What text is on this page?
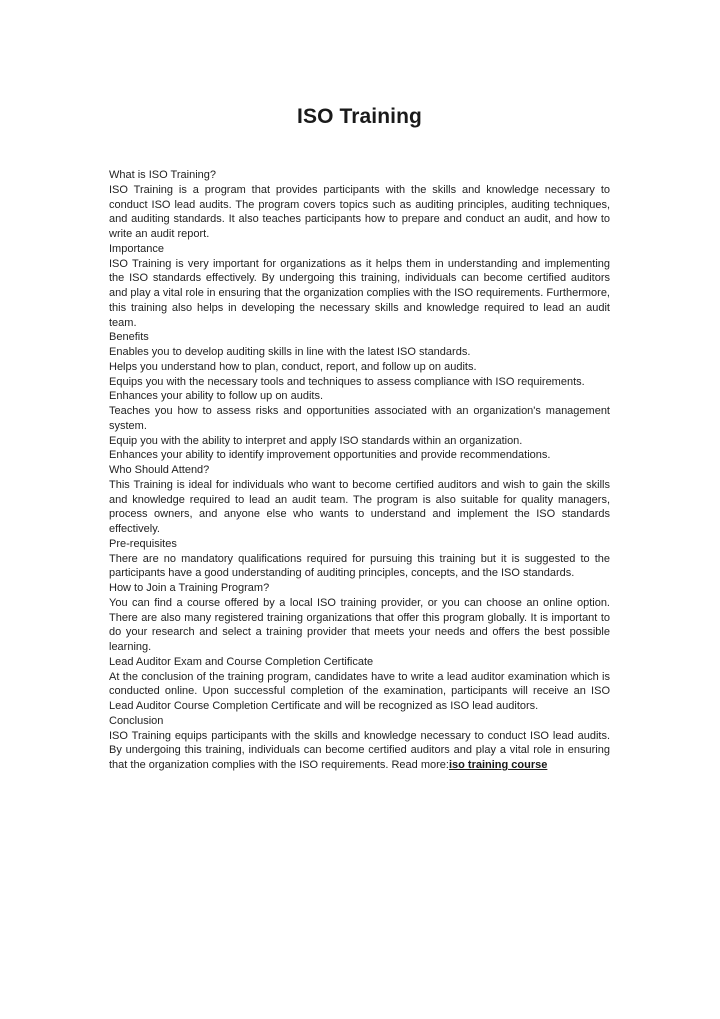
ISO Training

What is ISO Training?

ISO Training is a program that provides participants with the skills and knowledge necessary to conduct ISO lead audits. The program covers topics such as auditing principles, auditing techniques, and auditing standards. It also teaches participants how to prepare and conduct an audit, and how to write an audit report.

Importance

ISO Training is very important for organizations as it helps them in understanding and implementing the ISO standards effectively. By undergoing this training, individuals can become certified auditors and play a vital role in ensuring that the organization complies with the ISO requirements. Furthermore, this training also helps in developing the necessary skills and knowledge required to lead an audit team.

Benefits

Enables you to develop auditing skills in line with the latest ISO standards.

Helps you understand how to plan, conduct, report, and follow up on audits.

Equips you with the necessary tools and techniques to assess compliance with ISO requirements.

Enhances your ability to follow up on audits.

Teaches you how to assess risks and opportunities associated with an organization's management system.

Equip you with the ability to interpret and apply ISO standards within an organization.

Enhances your ability to identify improvement opportunities and provide recommendations.

Who Should Attend?

This Training is ideal for individuals who want to become certified auditors and wish to gain the skills and knowledge required to lead an audit team. The program is also suitable for quality managers, process owners, and anyone else who wants to understand and implement the ISO standards effectively.

Pre-requisites

There are no mandatory qualifications required for pursuing this training but it is suggested to the participants have a good understanding of auditing principles, concepts, and the ISO standards.

How to Join a Training Program?

You can find a course offered by a local ISO training provider, or you can choose an online option. There are also many registered training organizations that offer this program globally. It is important to do your research and select a training provider that meets your needs and offers the best possible learning.

Lead Auditor Exam and Course Completion Certificate

At the conclusion of the training program, candidates have to write a lead auditor examination which is conducted online. Upon successful completion of the examination, participants will receive an ISO Lead Auditor Course Completion Certificate and will be recognized as ISO lead auditors.

Conclusion

ISO Training equips participants with the skills and knowledge necessary to conduct ISO lead audits. By undergoing this training, individuals can become certified auditors and play a vital role in ensuring that the organization complies with the ISO requirements. Read more:iso training course
